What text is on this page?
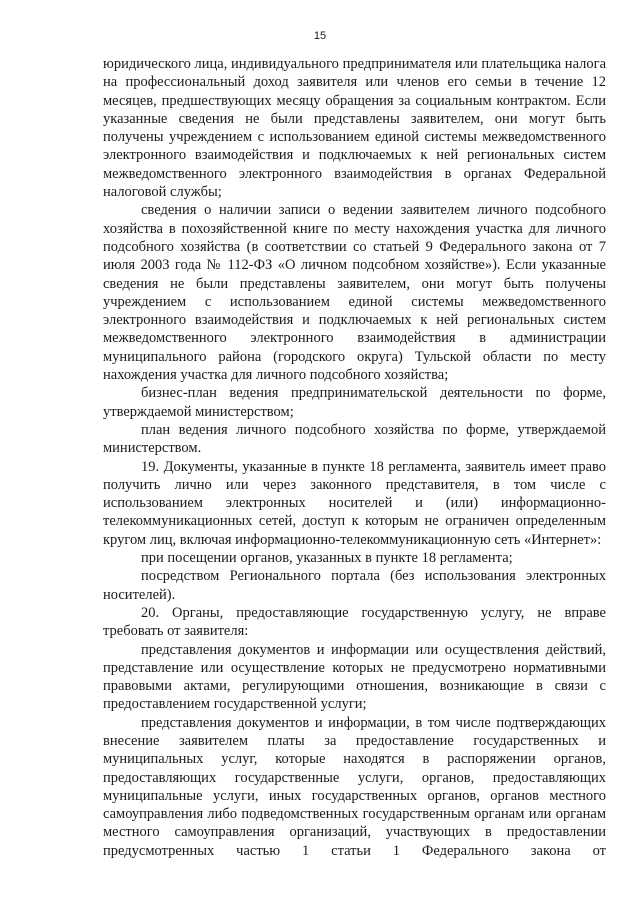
15

юридического лица, индивидуального предпринимателя или плательщика налога на профессиональный доход заявителя или членов его семьи в течение 12 месяцев, предшествующих месяцу обращения за социальным контрактом. Если указанные сведения не были представлены заявителем, они могут быть получены учреждением с использованием единой системы межведомственного электронного взаимодействия и подключаемых к ней региональных систем межведомственного электронного взаимодействия в органах Федеральной налоговой службы;

сведения о наличии записи о ведении заявителем личного подсобного хозяйства в похозяйственной книге по месту нахождения участка для личного подсобного хозяйства (в соответствии со статьей 9 Федерального закона от 7 июля 2003 года № 112-ФЗ «О личном подсобном хозяйстве»). Если указанные сведения не были представлены заявителем, они могут быть получены учреждением с использованием единой системы межведомственного электронного взаимодействия и подключаемых к ней региональных систем межведомственного электронного взаимодействия в администрации муниципального района (городского округа) Тульской области по месту нахождения участка для личного подсобного хозяйства;

бизнес-план ведения предпринимательской деятельности по форме, утверждаемой министерством;

план ведения личного подсобного хозяйства по форме, утверждаемой министерством.

19. Документы, указанные в пункте 18 регламента, заявитель имеет право получить лично или через законного представителя, в том числе с использованием электронных носителей и (или) информационно-телекоммуникационных сетей, доступ к которым не ограничен определенным кругом лиц, включая информационно-телекоммуникационную сеть «Интернет»:

при посещении органов, указанных в пункте 18 регламента;

посредством Регионального портала (без использования электронных носителей).

20. Органы, предоставляющие государственную услугу, не вправе требовать от заявителя:

представления документов и информации или осуществления действий, представление или осуществление которых не предусмотрено нормативными правовыми актами, регулирующими отношения, возникающие в связи с предоставлением государственной услуги;

представления документов и информации, в том числе подтверждающих внесение заявителем платы за предоставление государственных и муниципальных услуг, которые находятся в распоряжении органов, предоставляющих государственные услуги, органов, предоставляющих муниципальные услуги, иных государственных органов, органов местного самоуправления либо подведомственных государственным органам или органам местного самоуправления организаций, участвующих в предоставлении предусмотренных частью 1 статьи 1 Федерального закона от
